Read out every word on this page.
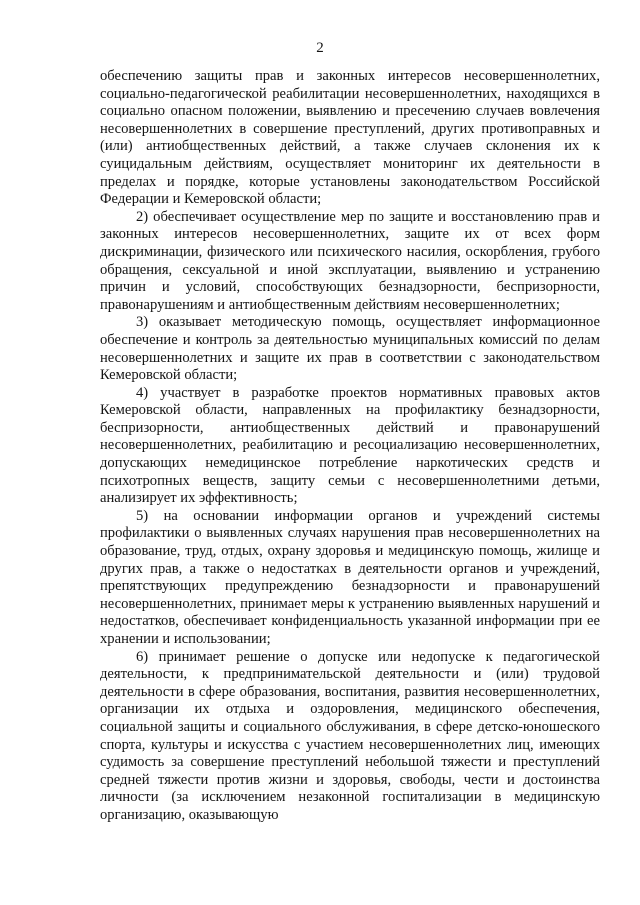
2

обеспечению защиты прав и законных интересов несовершеннолетних, социально-педагогической реабилитации несовершеннолетних, находящихся в социально опасном положении, выявлению и пресечению случаев вовлечения несовершеннолетних в совершение преступлений, других противоправных и (или) антиобщественных действий, а также случаев склонения их к суицидальным действиям, осуществляет мониторинг их деятельности в пределах и порядке, которые установлены законодательством Российской Федерации и Кемеровской области;

2) обеспечивает осуществление мер по защите и восстановлению прав и законных интересов несовершеннолетних, защите их от всех форм дискриминации, физического или психического насилия, оскорбления, грубого обращения, сексуальной и иной эксплуатации, выявлению и устранению причин и условий, способствующих безнадзорности, беспризорности, правонарушениям и антиобщественным действиям несовершеннолетних;

3) оказывает методическую помощь, осуществляет информационное обеспечение и контроль за деятельностью муниципальных комиссий по делам несовершеннолетних и защите их прав в соответствии с законодательством Кемеровской области;

4) участвует в разработке проектов нормативных правовых актов Кемеровской области, направленных на профилактику безнадзорности, беспризорности, антиобщественных действий и правонарушений несовершеннолетних, реабилитацию и ресоциализацию несовершеннолетних, допускающих немедицинское потребление наркотических средств и психотропных веществ, защиту семьи с несовершеннолетними детьми, анализирует их эффективность;

5) на основании информации органов и учреждений системы профилактики о выявленных случаях нарушения прав несовершеннолетних на образование, труд, отдых, охрану здоровья и медицинскую помощь, жилище и других прав, а также о недостатках в деятельности органов и учреждений, препятствующих предупреждению безнадзорности и правонарушений несовершеннолетних, принимает меры к устранению выявленных нарушений и недостатков, обеспечивает конфиденциальность указанной информации при ее хранении и использовании;

6) принимает решение о допуске или недопуске к педагогической деятельности, к предпринимательской деятельности и (или) трудовой деятельности в сфере образования, воспитания, развития несовершеннолетних, организации их отдыха и оздоровления, медицинского обеспечения, социальной защиты и социального обслуживания, в сфере детско-юношеского спорта, культуры и искусства с участием несовершеннолетних лиц, имеющих судимость за совершение преступлений небольшой тяжести и преступлений средней тяжести против жизни и здоровья, свободы, чести и достоинства личности (за исключением незаконной госпитализации в медицинскую организацию, оказывающую
